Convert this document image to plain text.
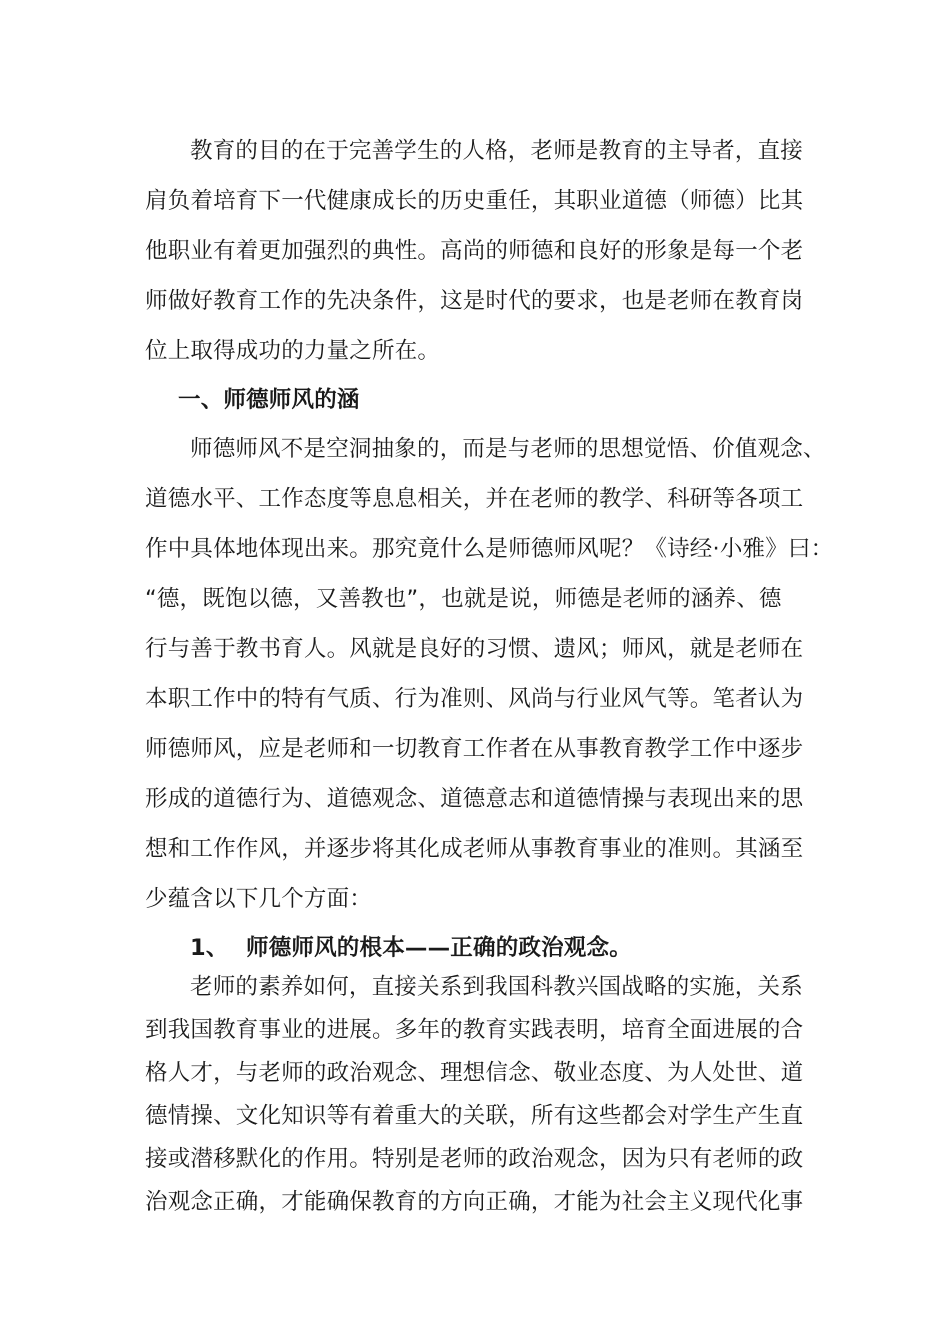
教育的目的在于完善学生的人格，老师是教育的主导者，直接
肩负着培育下一代健康成长的历史重任，其职业道德（师德）比其
他职业有着更加强烈的典性。高尚的师德和良好的形象是每一个老
师做好教育工作的先决条件，这是时代的要求，也是老师在教育岗
位上取得成功的力量之所在。
一、师德师风的涵
师德师风不是空洞抽象的，而是与老师的思想觉悟、价值观念、
道德水平、工作态度等息息相关，并在老师的教学、科研等各项工
作中具体地体现出来。那究竟什么是师德师风呢？《诗经·小雅》曰：
“德，既饱以德，又善教也”，也就是说，师德是老师的涵养、德
行与善于教书育人。风就是良好的习惯、遗风；师风，就是老师在
本职工作中的特有气质、行为准则、风尚与行业风气等。笔者认为
师德师风，应是老师和一切教育工作者在从事教育教学工作中逐步
形成的道德行为、道德观念、道德意志和道德情操与表现出来的思
想和工作作风，并逐步将其化成老师从事教育事业的准则。其涵至
少蕴含以下几个方面：
1、 师德师风的根本——正确的政治观念。
老师的素养如何，直接关系到我国科教兴国战略的实施，关系
到我国教育事业的进展。多年的教育实践表明，培育全面进展的合
格人才，与老师的政治观念、理想信念、敬业态度、为人处世、道
德情操、文化知识等有着重大的关联，所有这些都会对学生产生直
接或潜移默化的作用。特别是老师的政治观念，因为只有老师的政
治观念正确，才能确保教育的方向正确，才能为社会主义现代化事
